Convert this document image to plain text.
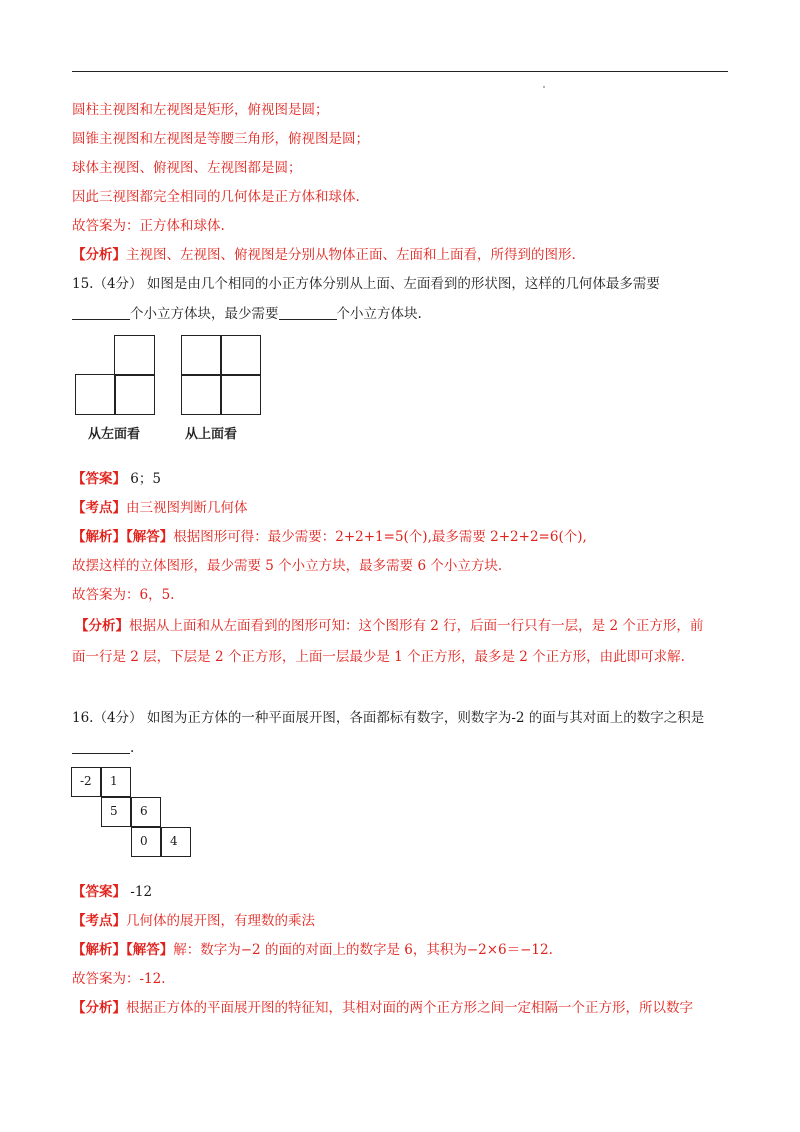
圆柱主视图和左视图是矩形，俯视图是圆；
圆锥主视图和左视图是等腰三角形，俯视图是圆；
球体主视图、俯视图、左视图都是圆；
因此三视图都完全相同的几何体是正方体和球体.
故答案为：正方体和球体.
【分析】主视图、左视图、俯视图是分别从物体正面、左面和上面看，所得到的图形.
15.（4分） 如图是由几个相同的小正方体分别从上面、左面看到的形状图，这样的几何体最多需要
个小立方体块，最少需要	个小立方体块.
从左面看	从上面看
【答案】 6；5
【考点】由三视图判断几何体
【解析】【解答】根据图形可得：最少需要：2+2+1=5(个),最多需要 2+2+2=6(个),
故摆这样的立体图形，最少需要 5 个小立方块，最多需要 6 个小立方块.
故答案为：6，5.
【分析】根据从上面和从左面看到的图形可知：这个图形有 2 行，后面一行只有一层，是 2 个正方形，前
面一行是 2 层，下层是 2 个正方形，上面一层最少是 1 个正方形，最多是 2 个正方形，由此即可求解.
16.（4分） 如图为正方体的一种平面展开图，各面都标有数字，则数字为-2 的面与其对面上的数字之积是
.
-2	1
5	6
0	4
【答案】 -12
【考点】几何体的展开图，有理数的乘法
【解析】【解答】解：数字为−2 的面的对面上的数字是 6，其积为−2×6＝−12.
故答案为：-12.
【分析】根据正方体的平面展开图的特征知，其相对面的两个正方形之间一定相隔一个正方形，所以数字
